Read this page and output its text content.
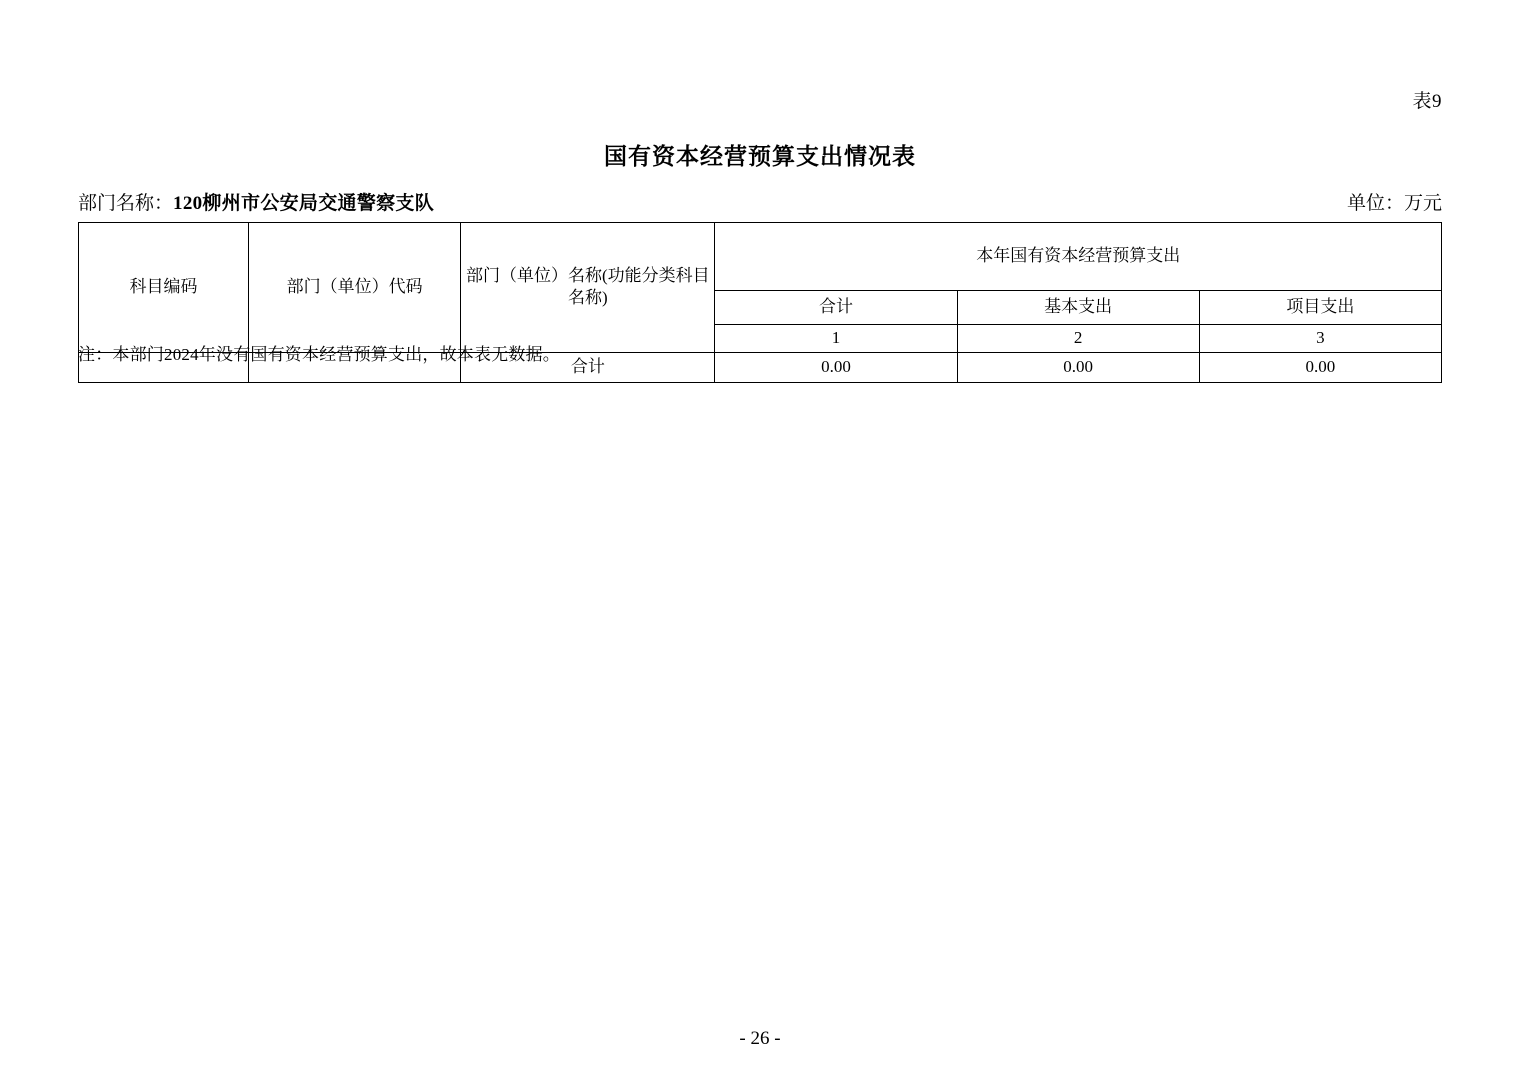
表9
国有资本经营预算支出情况表
部门名称：120柳州市公安局交通警察支队	单位：万元
科目编码	部门（单位）代码	部门（单位）名称(功能分类科目名称)	本年国有资本经营预算支出		
			合计	基本支出	项目支出
			1	2	3
		合计	0.00	0.00	0.00
注：本部门2024年没有国有资本经营预算支出，故本表无数据。
- 26 -
